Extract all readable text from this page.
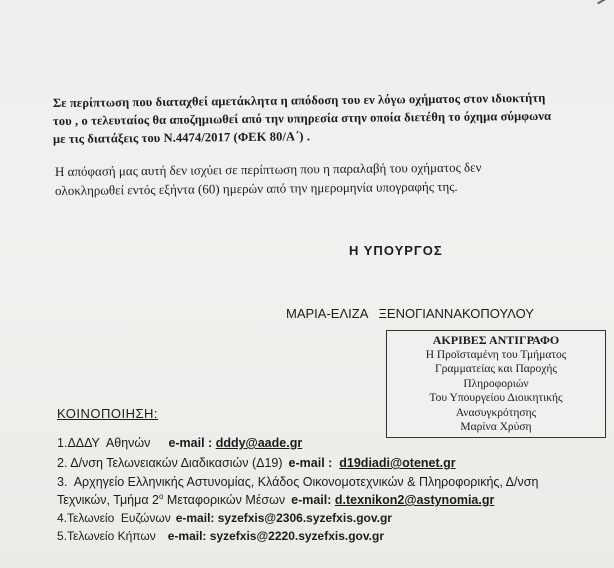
Σε περίπτωση που διαταχθεί αμετάκλητα η απόδοση του εν λόγω οχήματος στον ιδιοκτήτη
του , ο τελευταίος θα αποζημιωθεί από την υπηρεσία στην οποία διετέθη το όχημα σύμφωνα
με τις διατάξεις του Ν.4474/2017 (ΦΕΚ 80/Α΄) .
Η απόφασή μας αυτή δεν ισχύει σε περίπτωση που η παραλαβή του οχήματος δεν
ολοκληρωθεί εντός εξήντα (60) ημερών από την ημερομηνία υπογραφής της.
Η ΥΠΟΥΡΓΟΣ
ΜΑΡΙΑ-ΕΛΙΖΑ   ΞΕΝΟΓΙΑΝΝΑΚΟΠΟΥΛΟΥ
ΑΚΡΙΒΕΣ ΑΝΤΙΓΡΑΦΟ
Η Προϊσταμένη του Τμήματος
Γραμματείας και Παροχής
Πληροφοριών
Του Υπουργείου Διοικητικής
Ανασυγκρότησης
Μαρίνα Χρύση
ΚΟΙΝΟΠΟΙΗΣΗ:
1.ΔΔΔΥ  Αθηνών e-mail : dddy@aade.gr
2. Δ/νση Τελωνειακών Διαδικασιών (Δ19) e-mail :  d19diadi@otenet.gr
3.  Αρχηγείο Ελληνικής Αστυνομίας, Κλάδος Οικονομοτεχνικών & Πληροφορικής, Δ/νση
Τεχνικών, Τμήμα $2^o$ Μεταφορικών Μέσων e-mail: d.texnikon2@astynomia.gr
4.Τελωνείο  Ευζώνων e-mail: syzefxis@2306.syzefxis.gov.gr
5.Τελωνείο Κήπων e-mail: syzefxis@2220.syzefxis.gov.gr
